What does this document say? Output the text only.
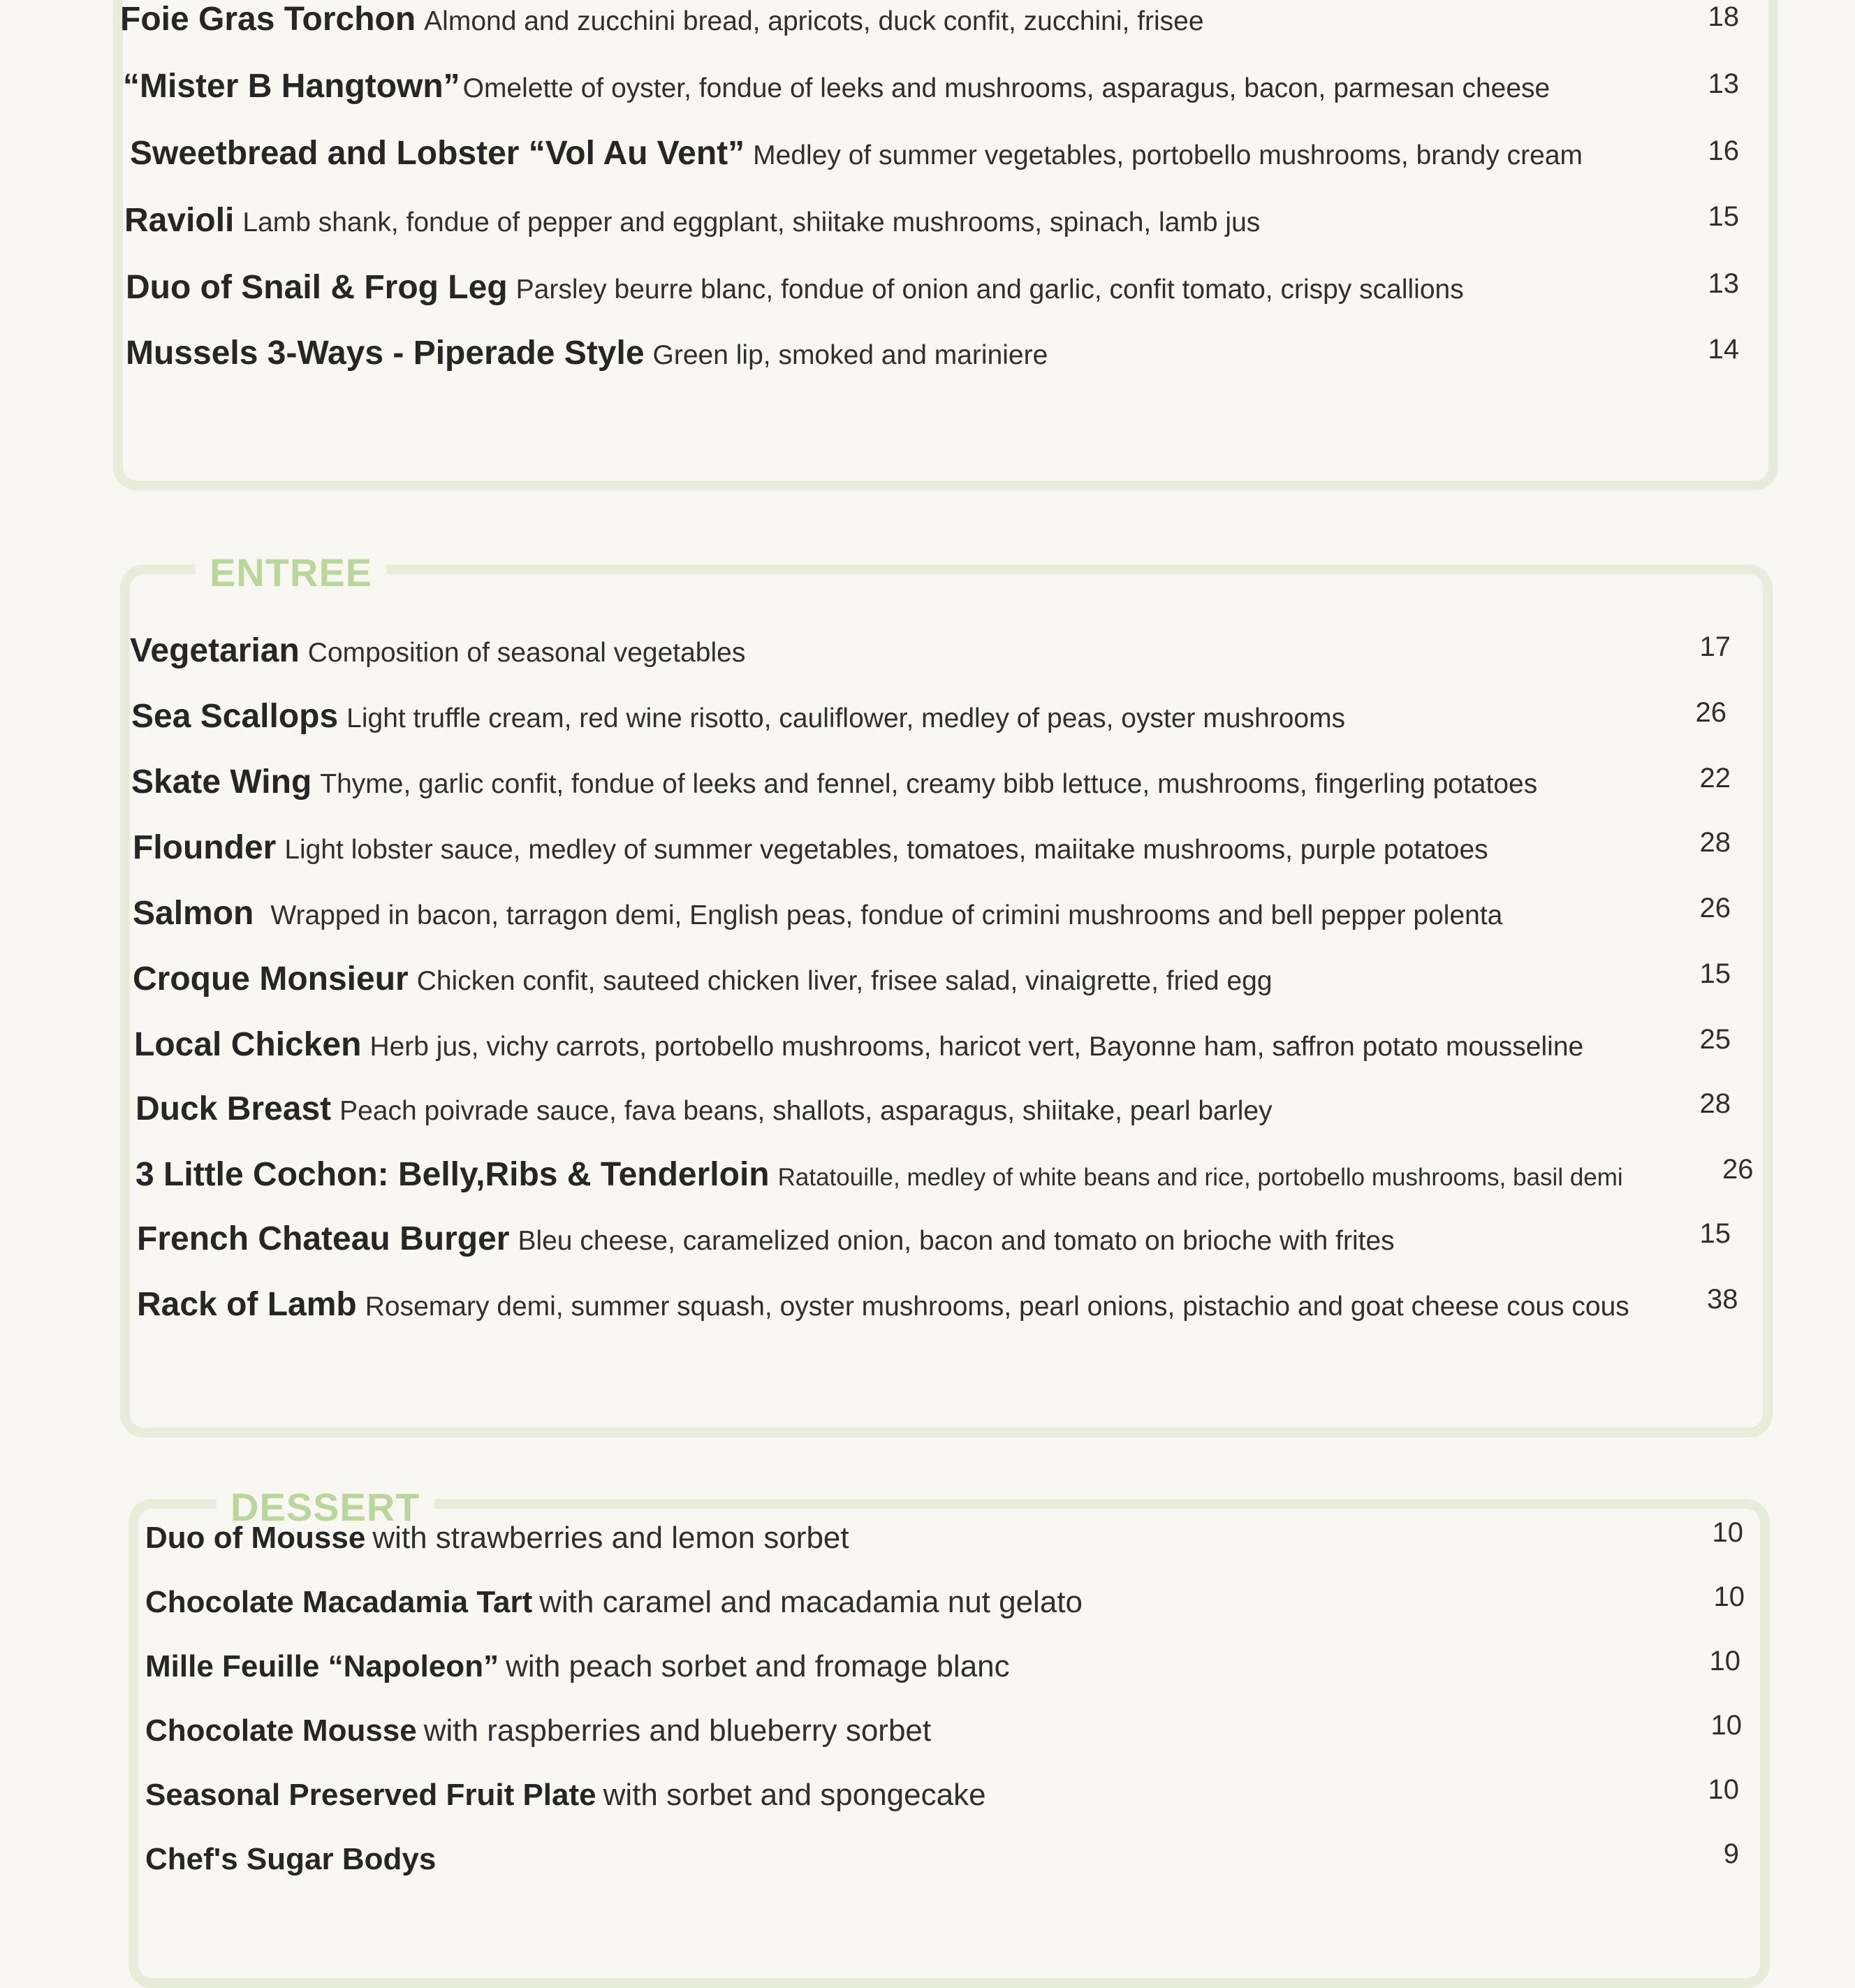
Foie Gras Torchon Almond and zucchini bread, apricots, duck confit, zucchini, frisee	18
“Mister B Hangtown” Omelette of oyster, fondue of leeks and mushrooms, asparagus, bacon, parmesan cheese	13
Sweetbread and Lobster “Vol Au Vent” Medley of summer vegetables, portobello mushrooms, brandy cream	16
Ravioli Lamb shank, fondue of pepper and eggplant, shiitake mushrooms, spinach, lamb jus	15
Duo of Snail & Frog Leg Parsley beurre blanc, fondue of onion and garlic, confit tomato, crispy scallions	13
Mussels 3-Ways - Piperade Style Green lip, smoked and mariniere	14
ENTREE
Vegetarian Composition of seasonal vegetables	17
Sea Scallops Light truffle cream, red wine risotto, cauliflower, medley of peas, oyster mushrooms	26
Skate Wing Thyme, garlic confit, fondue of leeks and fennel, creamy bibb lettuce, mushrooms, fingerling potatoes	22
Flounder Light lobster sauce, medley of summer vegetables, tomatoes, maiitake mushrooms, purple potatoes	28
Salmon Wrapped in bacon, tarragon demi, English peas, fondue of crimini mushrooms and bell pepper polenta	26
Croque Monsieur Chicken confit, sauteed chicken liver, frisee salad, vinaigrette, fried egg	15
Local Chicken Herb jus, vichy carrots, portobello mushrooms, haricot vert, Bayonne ham, saffron potato mousseline	25
Duck Breast Peach poivrade sauce, fava beans, shallots, asparagus, shiitake, pearl barley	28
3 Little Cochon: Belly,Ribs & Tenderloin Ratatouille, medley of white beans and rice, portobello mushrooms, basil demi	26
French Chateau Burger Bleu cheese, caramelized onion, bacon and tomato on brioche with frites	15
Rack of Lamb Rosemary demi, summer squash, oyster mushrooms, pearl onions, pistachio and goat cheese cous cous	38
DESSERT
Duo of Mousse with strawberries and lemon sorbet	10
Chocolate Macadamia Tart with caramel and macadamia nut gelato	10
Mille Feuille “Napoleon” with peach sorbet and fromage blanc	10
Chocolate Mousse with raspberries and blueberry sorbet	10
Seasonal Preserved Fruit Plate with sorbet and spongecake	10
Chef's Sugar Bodys	9
